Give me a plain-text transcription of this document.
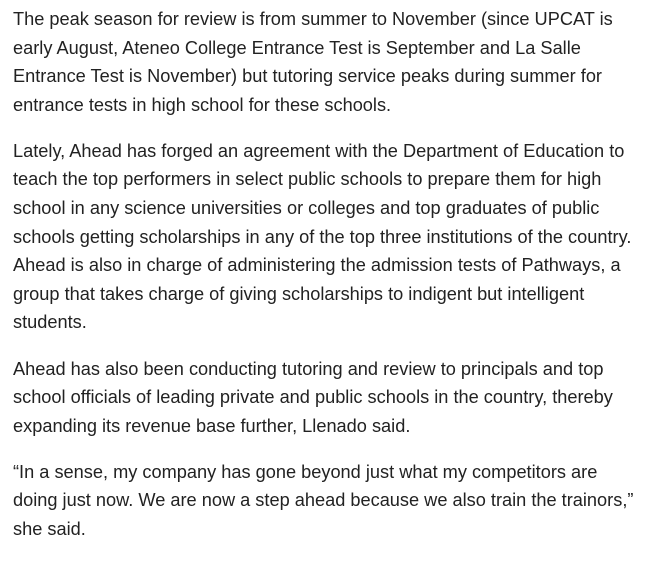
The peak season for review is from summer to November (since UPCAT is early August, Ateneo College Entrance Test is September and La Salle Entrance Test is November) but tutoring service peaks during summer for entrance tests in high school for these schools.

Lately, Ahead has forged an agreement with the Department of Education to teach the top performers in select public schools to prepare them for high school in any science universities or colleges and top graduates of public schools getting scholarships in any of the top three institutions of the country. Ahead is also in charge of administering the admission tests of Pathways, a group that takes charge of giving scholarships to indigent but intelligent students.

Ahead has also been conducting tutoring and review to principals and top school officials of leading private and public schools in the country, thereby expanding its revenue base further, Llenado said.

“In a sense, my company has gone beyond just what my competitors are doing just now. We are now a step ahead because we also train the trainors,” she said.
